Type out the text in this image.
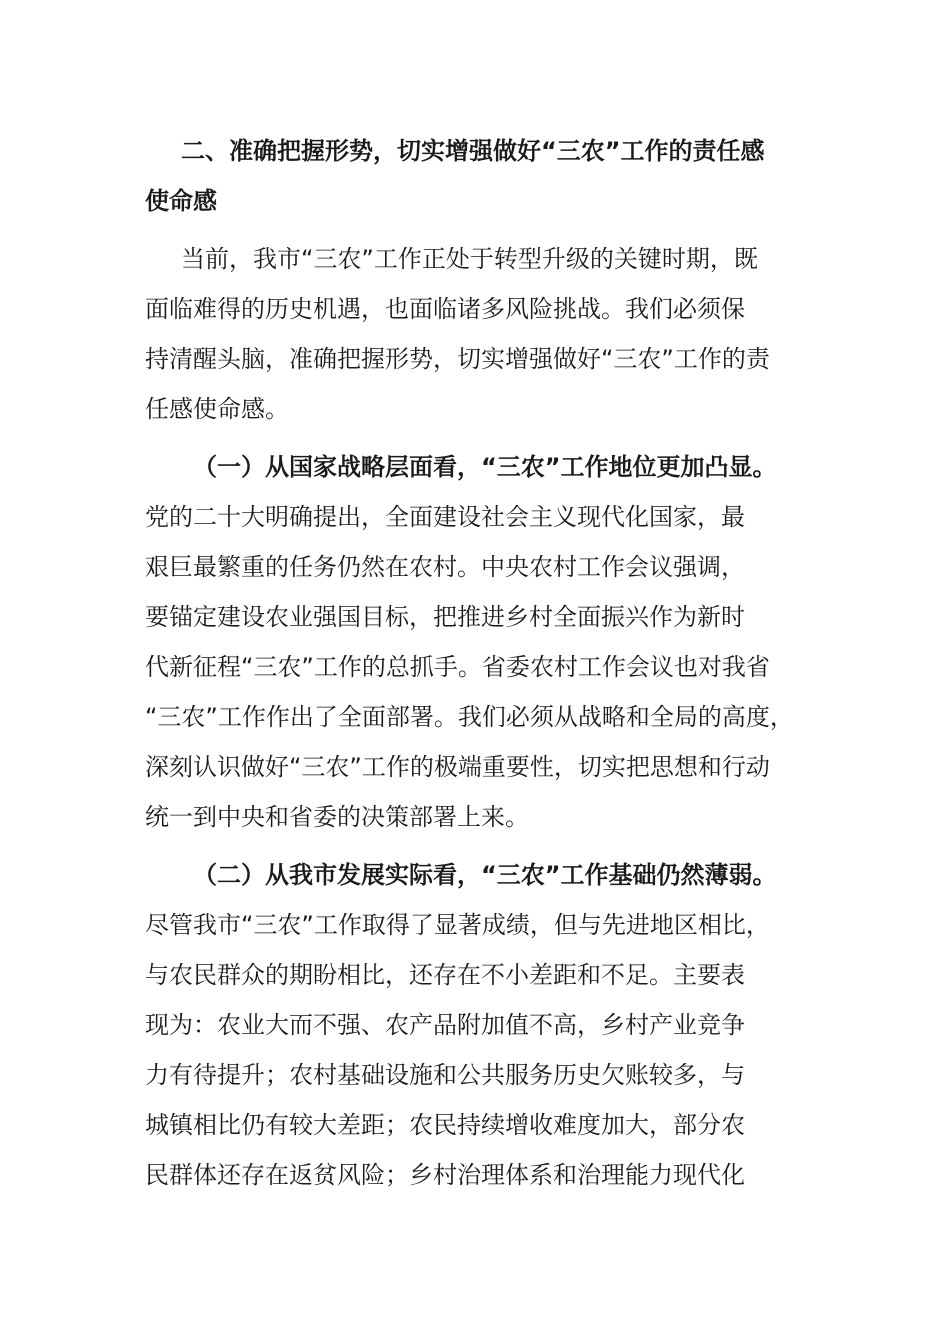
二、准确把握形势，切实增强做好“三农”工作的责任感
使命感
当前，我市“三农”工作正处于转型升级的关键时期，既
面临难得的历史机遇，也面临诸多风险挑战。我们必须保
持清醒头脑，准确把握形势，切实增强做好“三农”工作的责
任感使命感。
（一）从国家战略层面看，“三农”工作地位更加凸显。
党的二十大明确提出，全面建设社会主义现代化国家，最
艰巨最繁重的任务仍然在农村。中央农村工作会议强调，
要锚定建设农业强国目标，把推进乡村全面振兴作为新时
代新征程“三农”工作的总抓手。省委农村工作会议也对我省
“三农”工作作出了全面部署。我们必须从战略和全局的高度，
深刻认识做好“三农”工作的极端重要性，切实把思想和行动
统一到中央和省委的决策部署上来。
（二）从我市发展实际看，“三农”工作基础仍然薄弱。
尽管我市“三农”工作取得了显著成绩，但与先进地区相比，
与农民群众的期盼相比，还存在不小差距和不足。主要表
现为：农业大而不强、农产品附加值不高，乡村产业竞争
力有待提升；农村基础设施和公共服务历史欠账较多，与
城镇相比仍有较大差距；农民持续增收难度加大，部分农
民群体还存在返贫风险；乡村治理体系和治理能力现代化
